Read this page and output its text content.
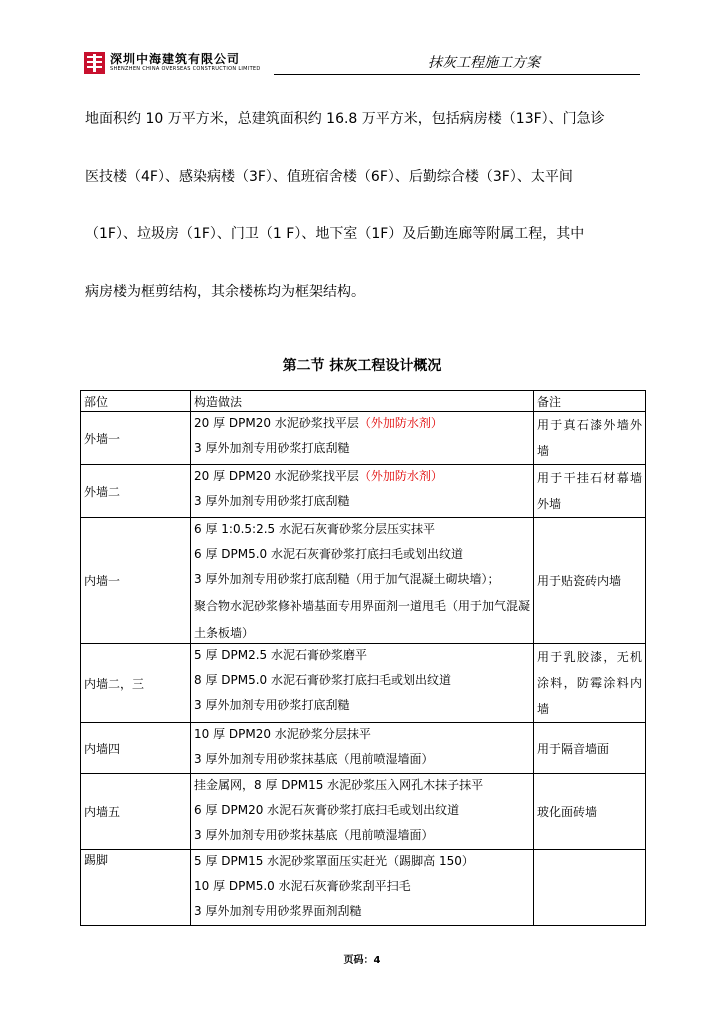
深圳中海建筑有限公司
SHENZHEN CHINA OVERSEAS CONSTRUCTION LIMITED	抹灰工程施工方案
地面积约 10 万平方米，总建筑面积约 16.8 万平方米，包括病房楼（13F）、门急诊
医技楼（4F）、感染病楼（3F）、值班宿舍楼（6F）、后勤综合楼（3F）、太平间
（1F）、垃圾房（1F）、门卫（1 F）、地下室（1F）及后勤连廊等附属工程，其中
病房楼为框剪结构，其余楼栋均为框架结构。
第二节 抹灰工程设计概况
部位	构造做法	备注
外墙一	20 厚 DPM20 水泥砂浆找平层（外加防水剂）
3 厚外加剂专用砂浆打底刮糙	用于真石漆外墙外墙
外墙二	20 厚 DPM20 水泥砂浆找平层（外加防水剂）
3 厚外加剂专用砂浆打底刮糙	用于干挂石材幕墙外墙
内墙一	6 厚 1:0.5:2.5 水泥石灰膏砂浆分层压实抹平
6 厚 DPM5.0 水泥石灰膏砂浆打底扫毛或划出纹道
3 厚外加剂专用砂浆打底刮糙（用于加气混凝土砌块墙）；
聚合物水泥砂浆修补墙基面专用界面剂一道甩毛（用于加气混凝土条板墙）	用于贴瓷砖内墙
内墙二，三	5 厚 DPM2.5 水泥石膏砂浆磨平
8 厚 DPM5.0 水泥石膏砂浆打底扫毛或划出纹道
3 厚外加剂专用砂浆打底刮糙	用于乳胶漆，无机涂料，防霉涂料内墙
内墙四	10 厚 DPM20 水泥砂浆分层抹平
3 厚外加剂专用砂浆抹基底（甩前喷湿墙面）	用于隔音墙面
内墙五	挂金属网，8 厚 DPM15 水泥砂浆压入网孔木抹子抹平
6 厚 DPM20 水泥石灰膏砂浆打底扫毛或划出纹道
3 厚外加剂专用砂浆抹基底（甩前喷湿墙面）	玻化面砖墙
踢脚	5 厚 DPM15 水泥砂浆罩面压实赶光（踢脚高 150）
10 厚 DPM5.0 水泥石灰膏砂浆刮平扫毛
3 厚外加剂专用砂浆界面剂刮糙	

页码：4
